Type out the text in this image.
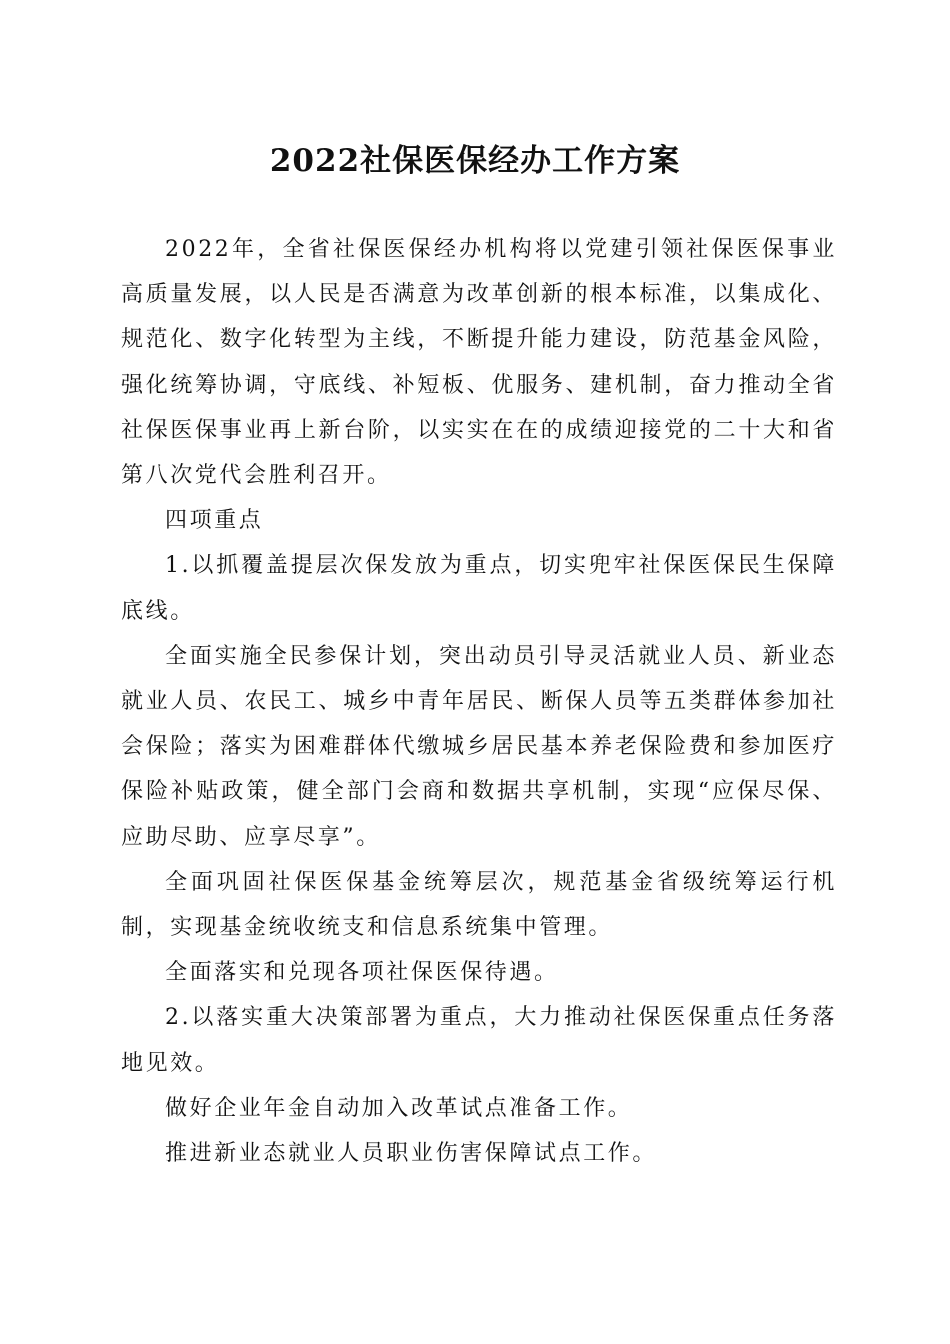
2022社保医保经办工作方案

2022年，全省社保医保经办机构将以党建引领社保医保事业高质量发展，以人民是否满意为改革创新的根本标准，以集成化、规范化、数字化转型为主线，不断提升能力建设，防范基金风险，强化统筹协调，守底线、补短板、优服务、建机制，奋力推动全省社保医保事业再上新台阶，以实实在在的成绩迎接党的二十大和省第八次党代会胜利召开。

四项重点

1.以抓覆盖提层次保发放为重点，切实兜牢社保医保民生保障底线。

全面实施全民参保计划，突出动员引导灵活就业人员、新业态就业人员、农民工、城乡中青年居民、断保人员等五类群体参加社会保险；落实为困难群体代缴城乡居民基本养老保险费和参加医疗保险补贴政策，健全部门会商和数据共享机制，实现“应保尽保、应助尽助、应享尽享”。

全面巩固社保医保基金统筹层次，规范基金省级统筹运行机制，实现基金统收统支和信息系统集中管理。

全面落实和兑现各项社保医保待遇。

2.以落实重大决策部署为重点，大力推动社保医保重点任务落地见效。

做好企业年金自动加入改革试点准备工作。

推进新业态就业人员职业伤害保障试点工作。
